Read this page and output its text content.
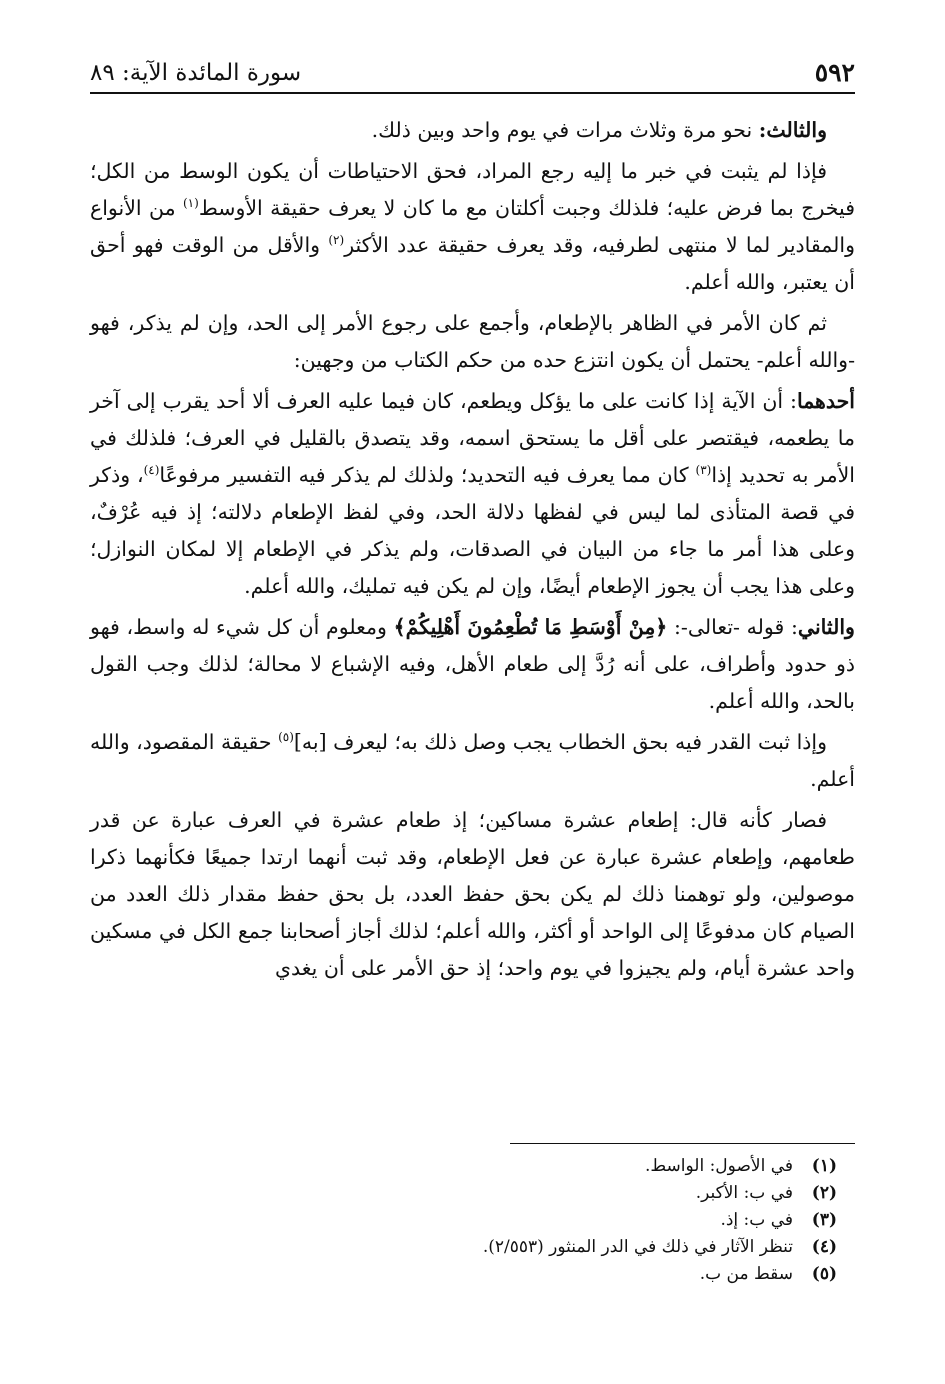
٥٩٢
سورة المائدة الآية: ٨٩

والثالث: نحو مرة وثلاث مرات في يوم واحد وبين ذلك.

فإذا لم يثبت في خبر ما إليه رجع المراد، فحق الاحتياطات أن يكون الوسط من الكل؛ فيخرج بما فرض عليه؛ فلذلك وجبت أكلتان مع ما كان لا يعرف حقيقة الأوسط$^{(١)}$ من الأنواع والمقادير لما لا منتهى لطرفيه، وقد يعرف حقيقة عدد الأكثر$^{(٢)}$ والأقل من الوقت فهو أحق أن يعتبر، والله أعلم.

ثم كان الأمر في الظاهر بالإطعام، وأجمع على رجوع الأمر إلى الحد، وإن لم يذكر، فهو -والله أعلم- يحتمل أن يكون انتزع حده من حكم الكتاب من وجهين:

أحدهما: أن الآية إذا كانت على ما يؤكل ويطعم، كان فيما عليه العرف ألا أحد يقرب إلى آخر ما يطعمه، فيقتصر على أقل ما يستحق اسمه، وقد يتصدق بالقليل في العرف؛ فلذلك في الأمر به تحديد إذا$^{(٣)}$ كان مما يعرف فيه التحديد؛ ولذلك لم يذكر فيه التفسير مرفوعًا$^{(٤)}$، وذكر في قصة المتأذى لما ليس في لفظها دلالة الحد، وفي لفظ الإطعام دلالته؛ إذ فيه عُرْفٌ، وعلى هذا أمر ما جاء من البيان في الصدقات، ولم يذكر في الإطعام إلا لمكان النوازل؛ وعلى هذا يجب أن يجوز الإطعام أيضًا، وإن لم يكن فيه تمليك، والله أعلم.

والثاني: قوله -تعالى-: ﴿مِنْ أَوْسَطِ مَا تُطْعِمُونَ أَهْلِيكُمْ﴾ ومعلوم أن كل شيء له واسط، فهو ذو حدود وأطراف، على أنه رُدَّ إلى طعام الأهل، وفيه الإشباع لا محالة؛ لذلك وجب القول بالحد، والله أعلم.

وإذا ثبت القدر فيه بحق الخطاب يجب وصل ذلك به؛ ليعرف [به]$^{(٥)}$ حقيقة المقصود، والله أعلم.

فصار كأنه قال: إطعام عشرة مساكين؛ إذ طعام عشرة في العرف عبارة عن قدر طعامهم، وإطعام عشرة عبارة عن فعل الإطعام، وقد ثبت أنهما ارتدا جميعًا فكأنهما ذكرا موصولين، ولو توهمنا ذلك لم يكن بحق حفظ العدد، بل بحق حفظ مقدار ذلك العدد من الصيام كان مدفوعًا إلى الواحد أو أكثر، والله أعلم؛ لذلك أجاز أصحابنا جمع الكل في مسكين واحد عشرة أيام، ولم يجيزوا في يوم واحد؛ إذ حق الأمر على أن يغدي

(١)
في الأصول: الواسط.
(٢)
في ب: الأكبر.
(٣)
في ب: إذ.
(٤)
تنظر الآثار في ذلك في الدر المنثور (٢/٥٥٣).
(٥)
سقط من ب.
